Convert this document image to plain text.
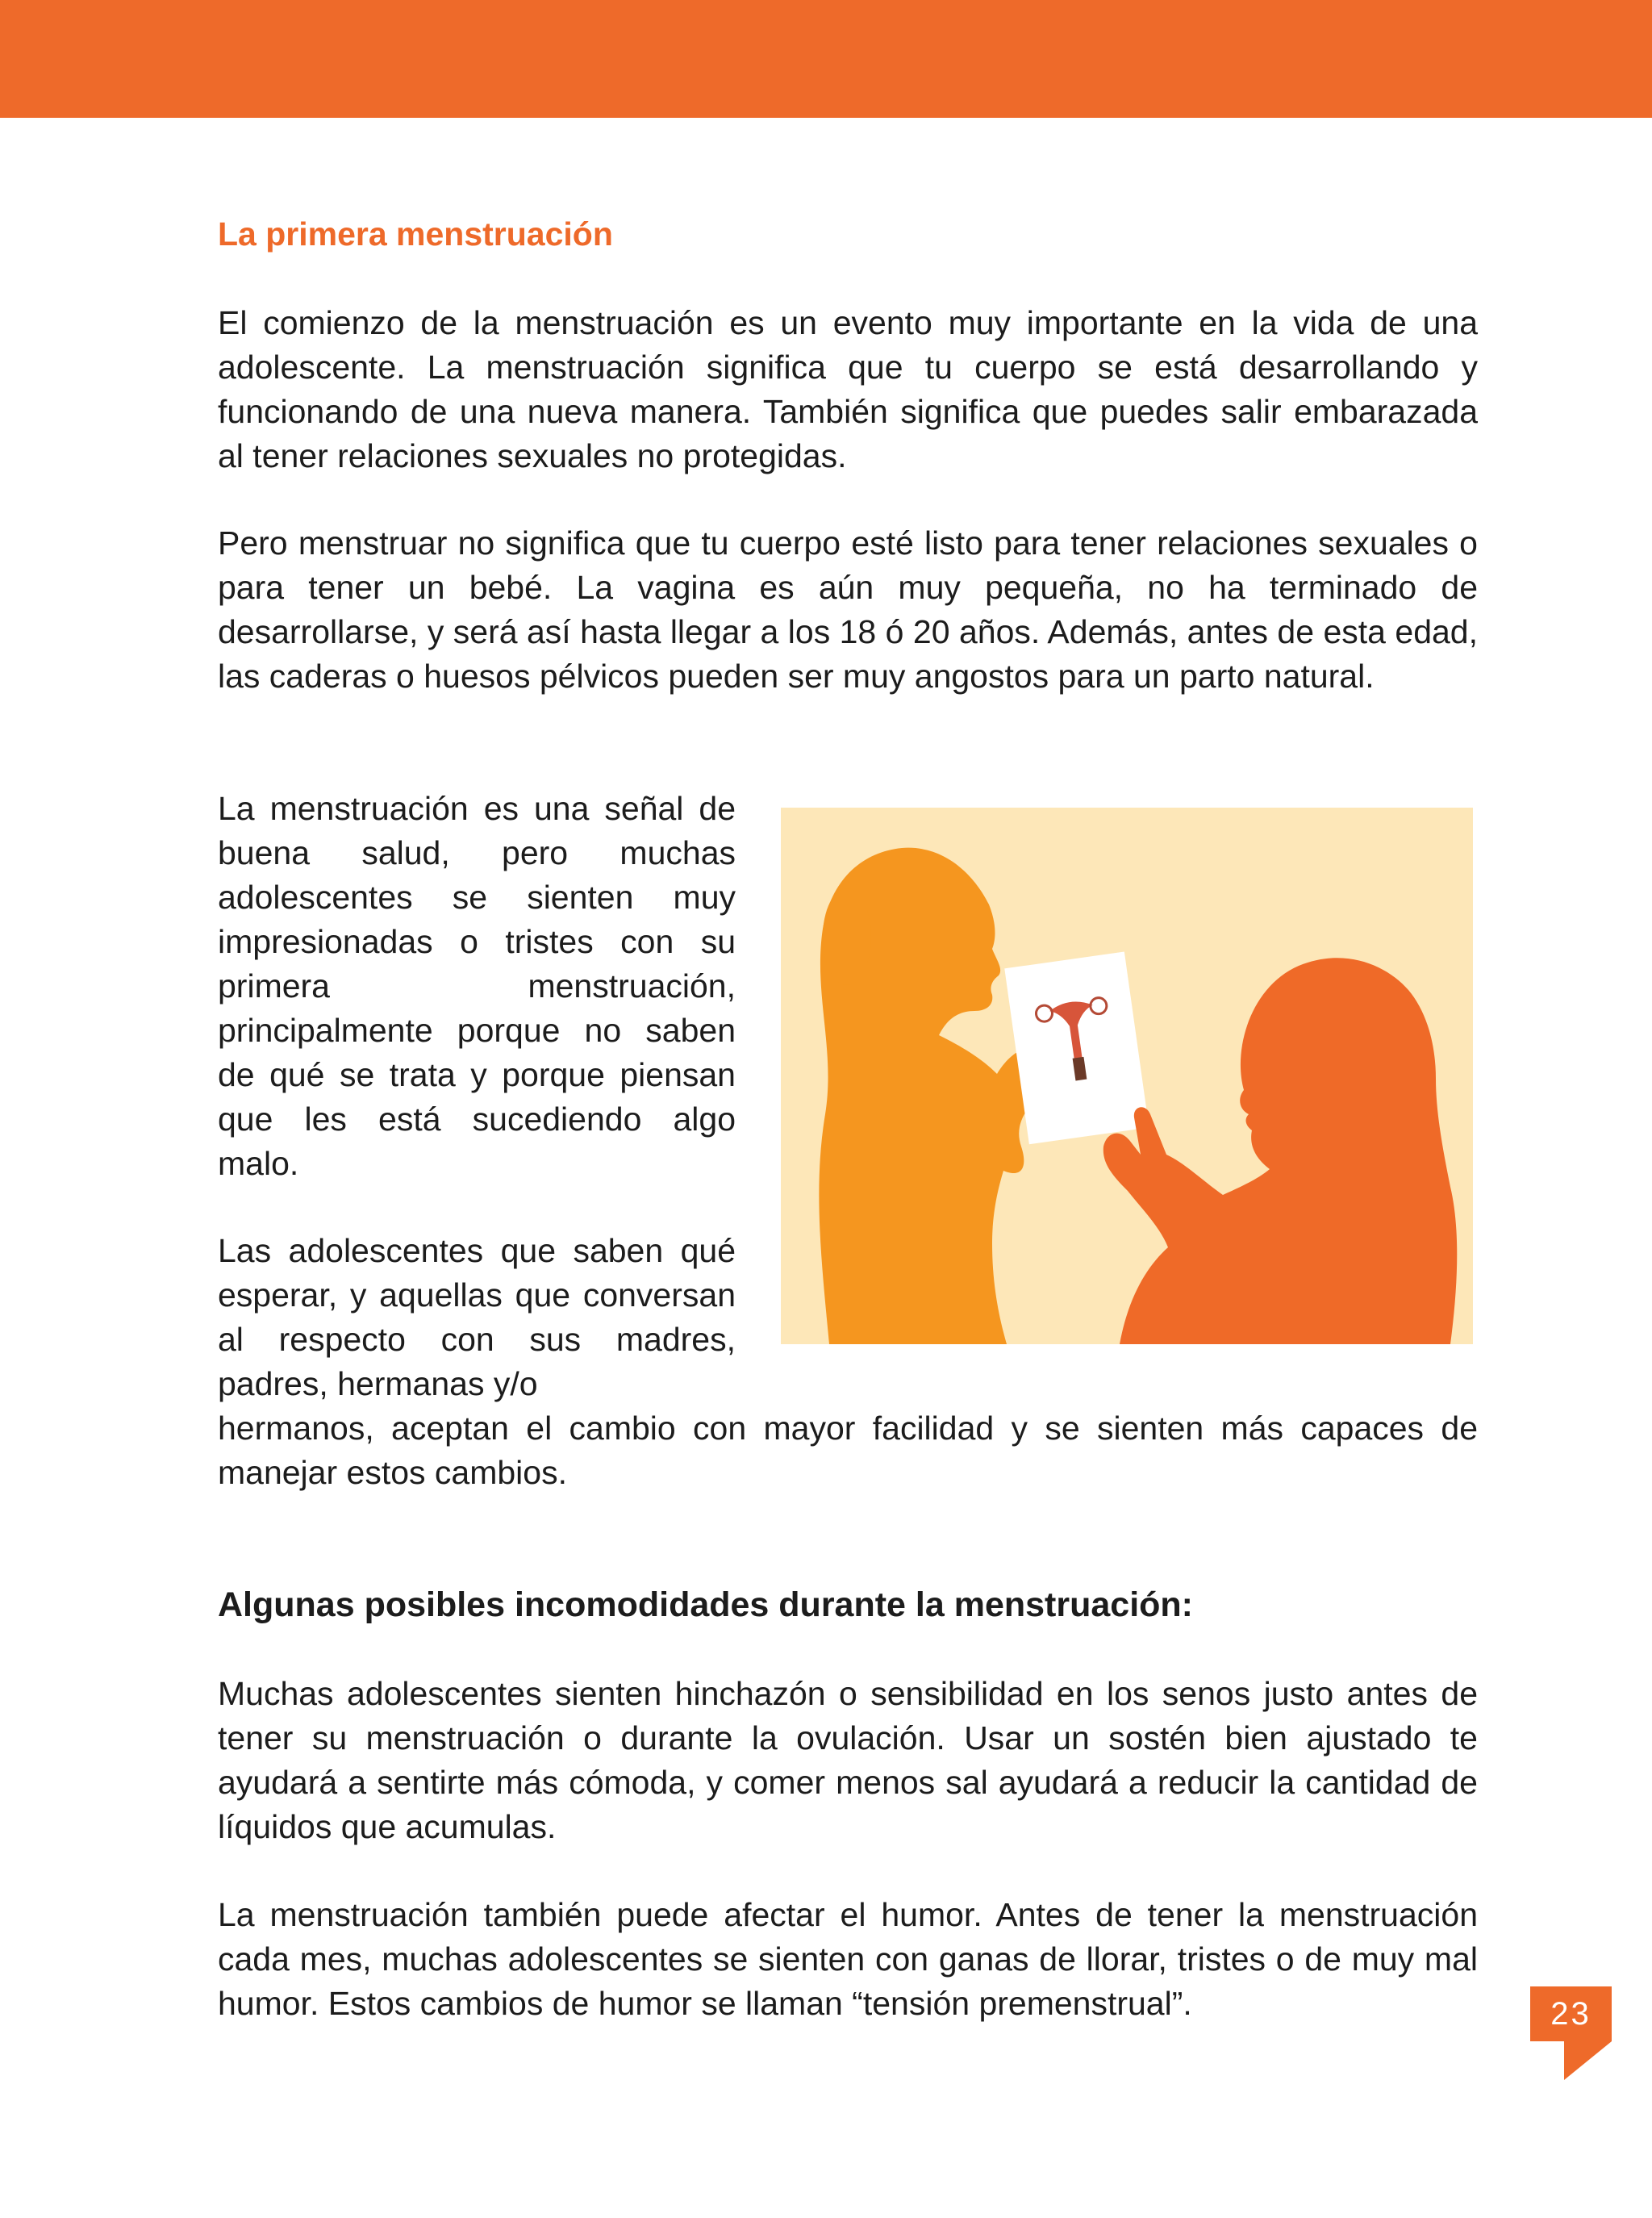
La primera menstruación

El comienzo de la menstruación es un evento muy importante en la vida de una adolescente. La menstruación significa que tu cuerpo se está desarrollando y funcionando de una nueva manera. También significa que puedes salir embarazada al tener relaciones sexuales no protegidas.

Pero menstruar no significa que tu cuerpo esté listo para tener relaciones sexuales o para tener un bebé. La vagina es aún muy pequeña, no ha terminado de desarrollarse, y será así hasta llegar a los 18 ó 20 años. Además, antes de esta edad, las caderas o huesos pélvicos pueden ser muy angostos para un parto natural.

La menstruación es una señal de buena salud, pero muchas adolescentes se sienten muy impresionadas o tristes con su primera menstruación, principalmente porque no saben de qué se trata y porque piensan que les está sucediendo algo malo.

Las adolescentes que saben qué esperar, y aquellas que conversan al respecto con sus madres, padres, hermanas y/o

hermanos, aceptan el cambio con mayor facilidad y se sienten más capaces de manejar estos cambios.

Algunas posibles incomodidades durante la menstruación:

Muchas adolescentes sienten hinchazón o sensibilidad en los senos justo antes de tener su menstruación o durante la ovulación. Usar un sostén bien ajustado te ayudará a sentirte más cómoda, y comer menos sal ayudará a reducir la cantidad de líquidos que acumulas.

La menstruación también puede afectar el humor. Antes de tener la menstruación cada mes, muchas adolescentes se sienten con ganas de llorar, tristes o de muy mal humor. Estos cambios de humor se llaman “tensión premenstrual”.	23
